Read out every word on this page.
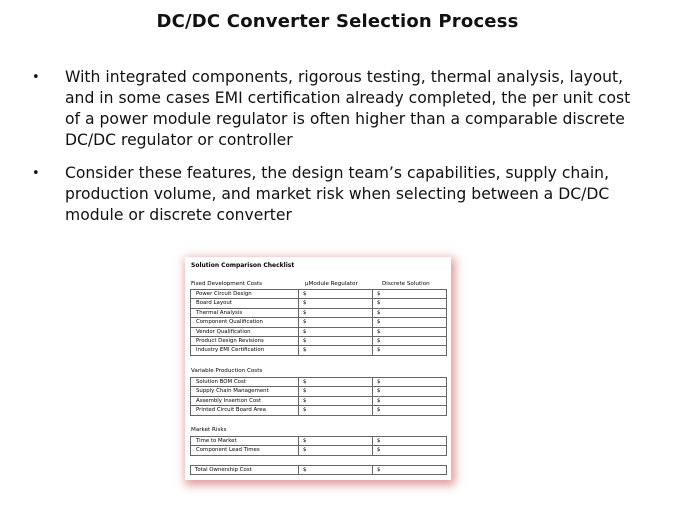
DC/DC Converter Selection Process
•	With integrated components, rigorous testing, thermal analysis, layout, and in some cases EMI certification already completed, the per unit cost of a power module regulator is often higher than a comparable discrete DC/DC regulator or controller
•	Consider these features, the design team’s capabilities, supply chain, production volume, and market risk when selecting between a DC/DC module or discrete converter
Solution Comparison Checklist
Fixed Development Costs	μModule Regulator	Discrete Solution
Power Circuit Design	$	$
Board Layout	$	$
Thermal Analysis	$	$
Component Qualification	$	$
Vendor Qualification	$	$
Product Design Revisions	$	$
Industry EMI Certification	$	$
Variable Production Costs
Solution BOM Cost	$	$
Supply Chain Management	$	$
Assembly Insertion Cost	$	$
Printed Circuit Board Area	$	$
Market Risks
Time to Market	$	$
Component Lead Times	$	$
Total Ownership Cost	$	$
